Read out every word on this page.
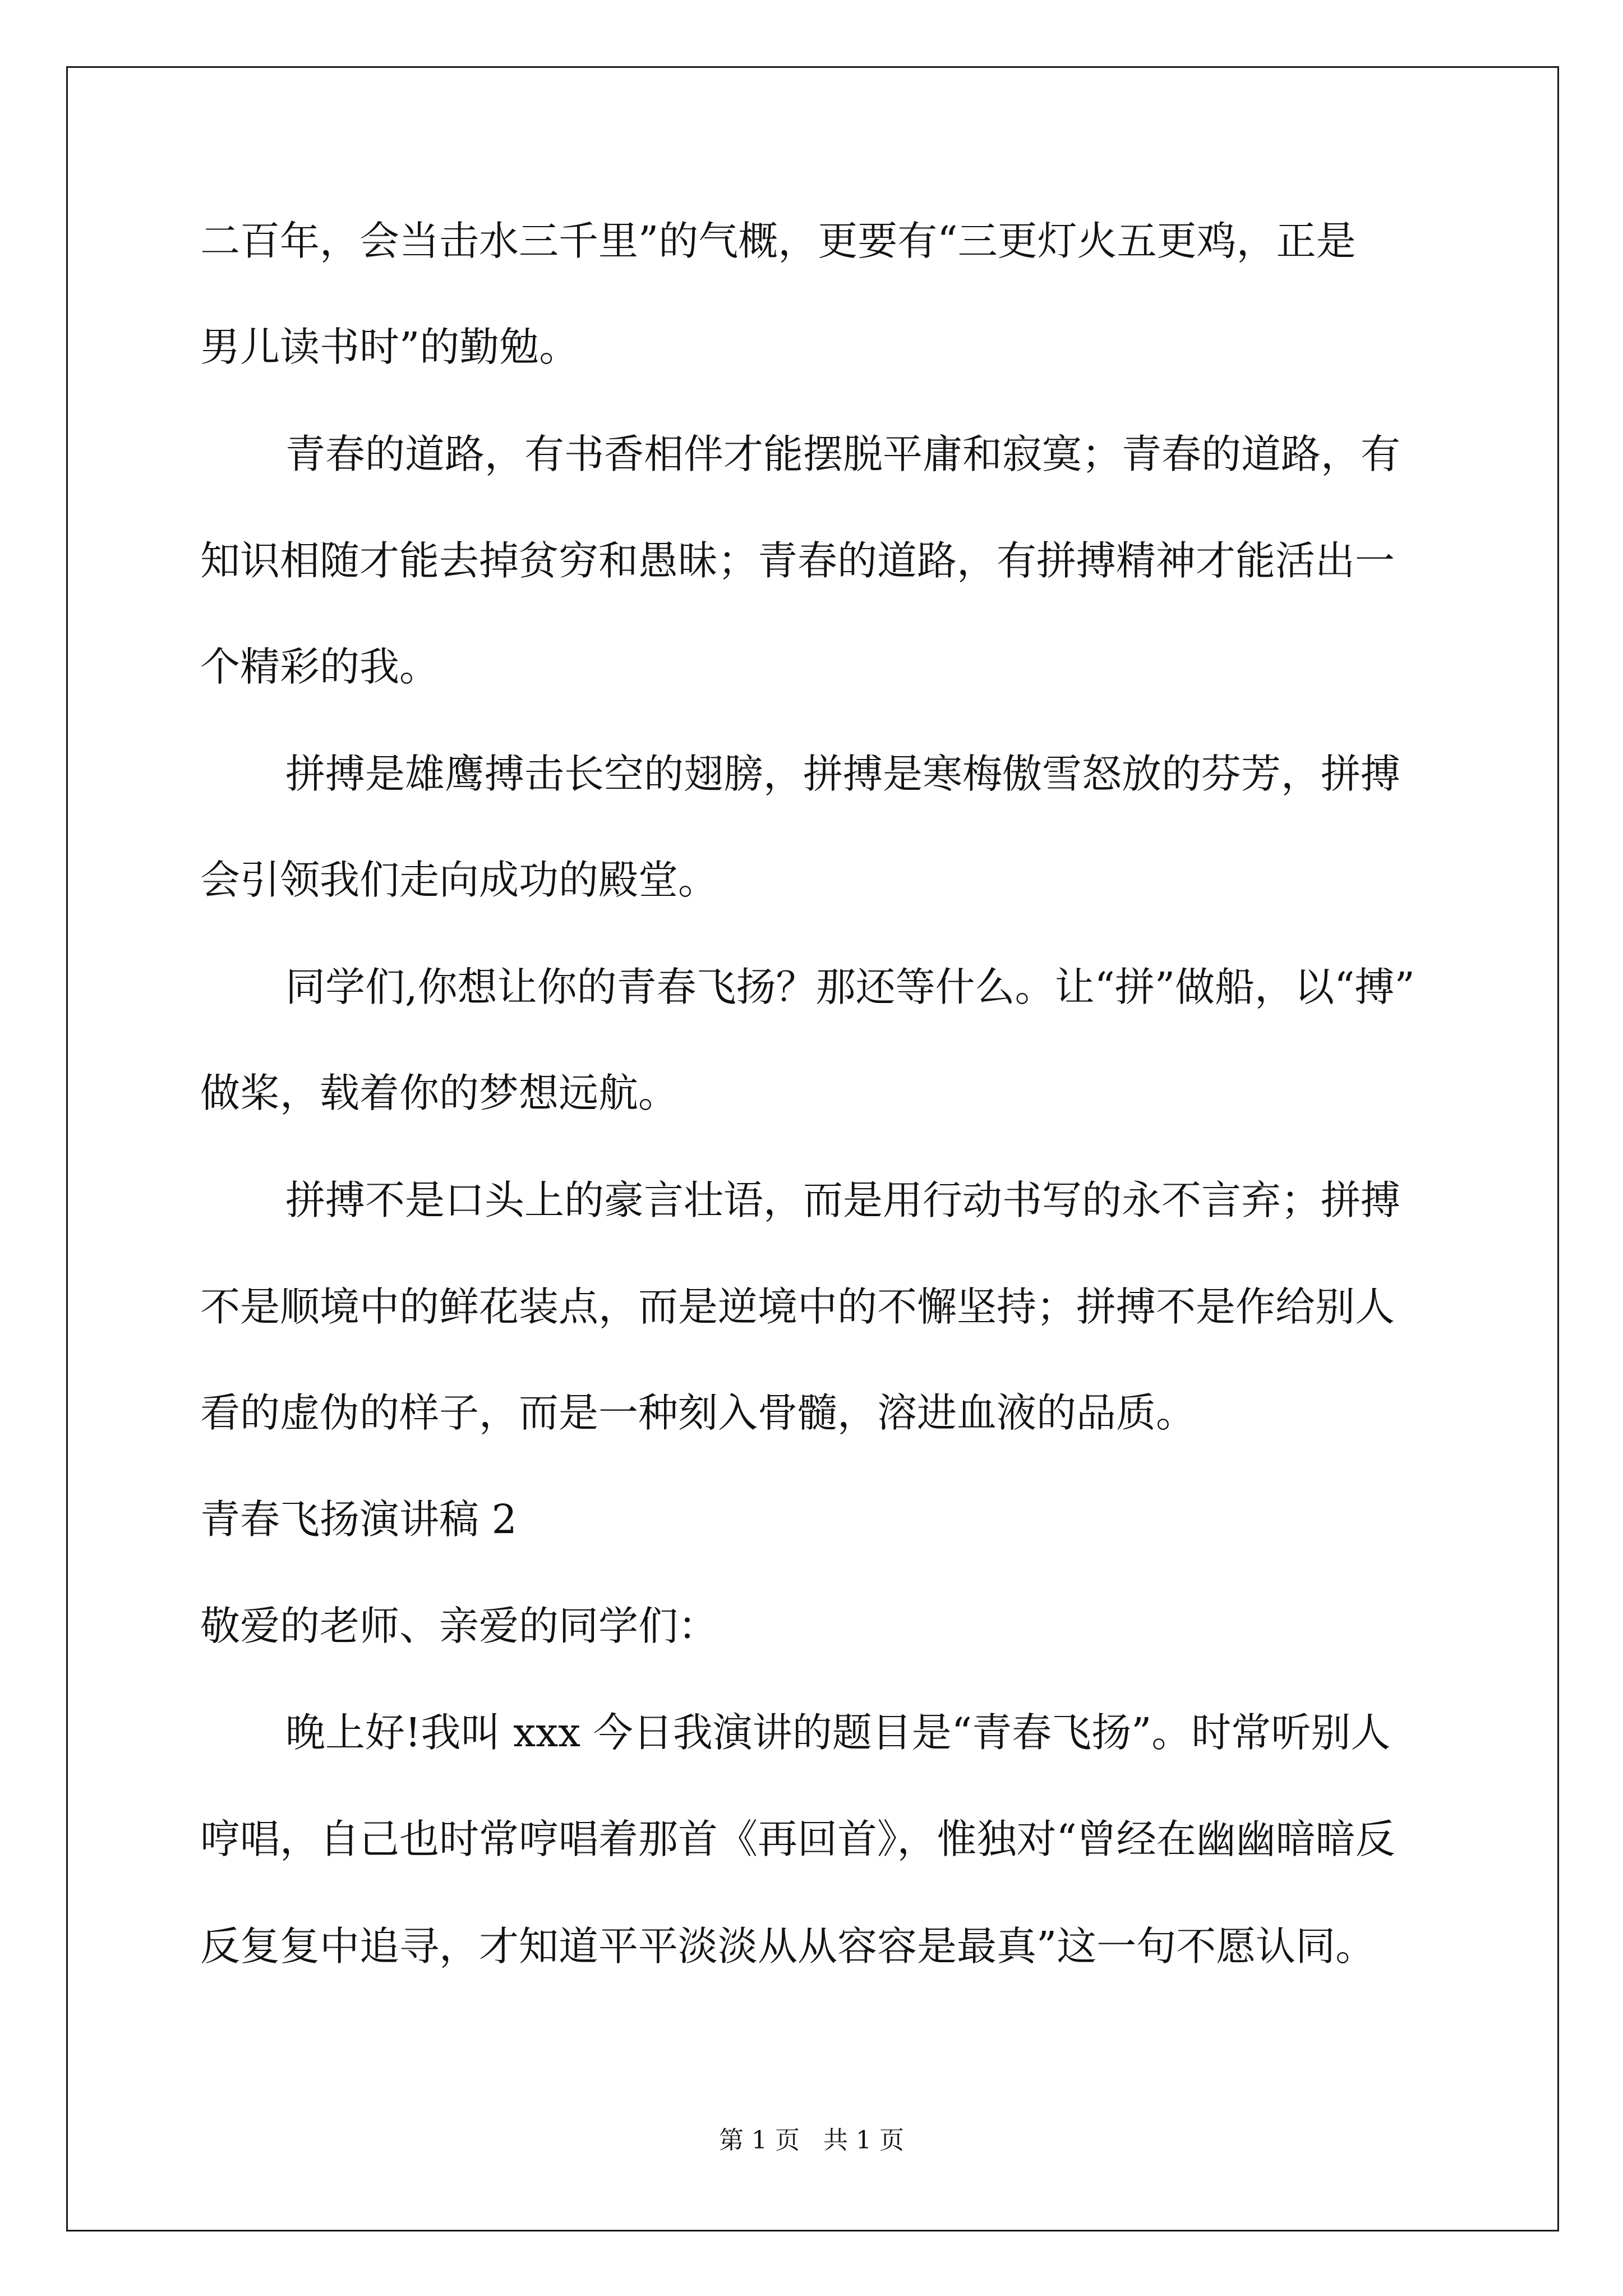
二百年，会当击水三千里”的气概，更要有“三更灯火五更鸡，正是
男儿读书时”的勤勉。
青春的道路，有书香相伴才能摆脱平庸和寂寞；青春的道路，有
知识相随才能去掉贫穷和愚昧；青春的道路，有拼搏精神才能活出一
个精彩的我。
拼搏是雄鹰搏击长空的翅膀，拼搏是寒梅傲雪怒放的芬芳，拼搏
会引领我们走向成功的殿堂。
同学们,你想让你的青春飞扬？那还等什么。让“拼”做船，以“搏”
做桨，载着你的梦想远航。
拼搏不是口头上的豪言壮语，而是用行动书写的永不言弃；拼搏
不是顺境中的鲜花装点，而是逆境中的不懈坚持；拼搏不是作给别人
看的虚伪的样子，而是一种刻入骨髓，溶进血液的品质。
青春飞扬演讲稿 2
敬爱的老师、亲爱的同学们：
晚上好!我叫 xxx 今日我演讲的题目是“青春飞扬”。时常听别人
哼唱，自己也时常哼唱着那首《再回首》，惟独对“曾经在幽幽暗暗反
反复复中追寻，才知道平平淡淡从从容容是最真”这一句不愿认同。
第 1 页   共 1 页
